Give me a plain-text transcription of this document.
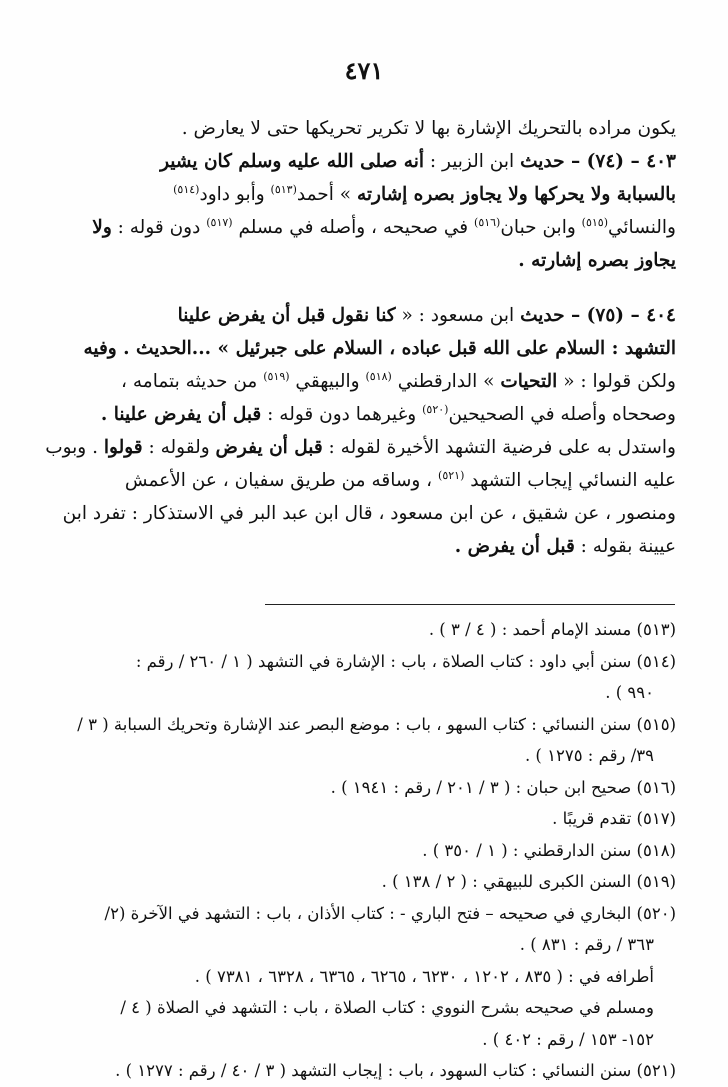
٤٧١
يكون مراده بالتحريك الإشارة بها لا تكرير تحريكها حتى لا يعارض .
٤٠٣ – (٧٤) – حديث ابن الزبير : أنه صلى الله عليه وسلم كان يشير
بالسبابة ولا يحركها ولا يجاوز بصره إشارته » أحمد$^{(٥١٣)}$ وأبو داود$^{(٥١٤)}$
والنسائي$^{(٥١٥)}$ وابن حبان$^{(٥١٦)}$ في صحيحه ، وأصله في مسلم $^{(٥١٧)}$ دون قوله : ولا
يجاوز بصره إشارته .
٤٠٤ – (٧٥) – حديث ابن مسعود : « كنا نقول قبل أن يفرض علينا
التشهد : السلام على الله قبل عباده ، السلام على جبرئيل » ...الحديث . وفيه
ولكن قولوا : « التحيات » الدارقطني $^{(٥١٨)}$ والبيهقي $^{(٥١٩)}$ من حديثه بتمامه ،
وصححاه وأصله في الصحيحين$^{(٥٢٠)}$ وغيرهما دون قوله : قبل أن يفرض علينا .
واستدل به على فرضية التشهد الأخيرة لقوله : قبل أن يفرض ولقوله : قولوا . وبوب
عليه النسائي إيجاب التشهد $^{(٥٢١)}$ ، وساقه من طريق سفيان ، عن الأعمش
ومنصور ، عن شقيق ، عن ابن مسعود ، قال ابن عبد البر في الاستذكار : تفرد ابن
عيينة بقوله : قبل أن يفرض .
(٥١٣) مسند الإمام أحمد : ( ٤ / ٣ ) .
(٥١٤) سنن أبي داود : كتاب الصلاة ، باب : الإشارة في التشهد ( ١ / ٢٦٠ / رقم :
٩٩٠ ) .
(٥١٥) سنن النسائي : كتاب السهو ، باب : موضع البصر عند الإشارة وتحريك السبابة ( ٣ /
٣٩/ رقم : ١٢٧٥ ) .
(٥١٦) صحيح ابن حبان : ( ٣ / ٢٠١ / رقم : ١٩٤١ ) .
(٥١٧) تقدم قريبًا .
(٥١٨) سنن الدارقطني : ( ١ / ٣٥٠ ) .
(٥١٩) السنن الكبرى للبيهقي : ( ٢ / ١٣٨ ) .
(٥٢٠) البخاري في صحيحه – فتح الباري - : كتاب الأذان ، باب : التشهد في الآخرة (٢/
٣٦٣ / رقم : ٨٣١ ) .
أطرافه في : ( ٨٣٥ ، ١٢٠٢ ، ٦٢٣٠ ، ٦٢٦٥ ، ٦٣٦٥ ، ٦٣٢٨ ، ٧٣٨١ ) .
ومسلم في صحيحه بشرح النووي : كتاب الصلاة ، باب : التشهد في الصلاة ( ٤ /
١٥٢- ١٥٣ / رقم : ٤٠٢ ) .
(٥٢١) سنن النسائي : كتاب السهود ، باب : إيجاب التشهد ( ٣ / ٤٠ / رقم : ١٢٧٧ ) .
